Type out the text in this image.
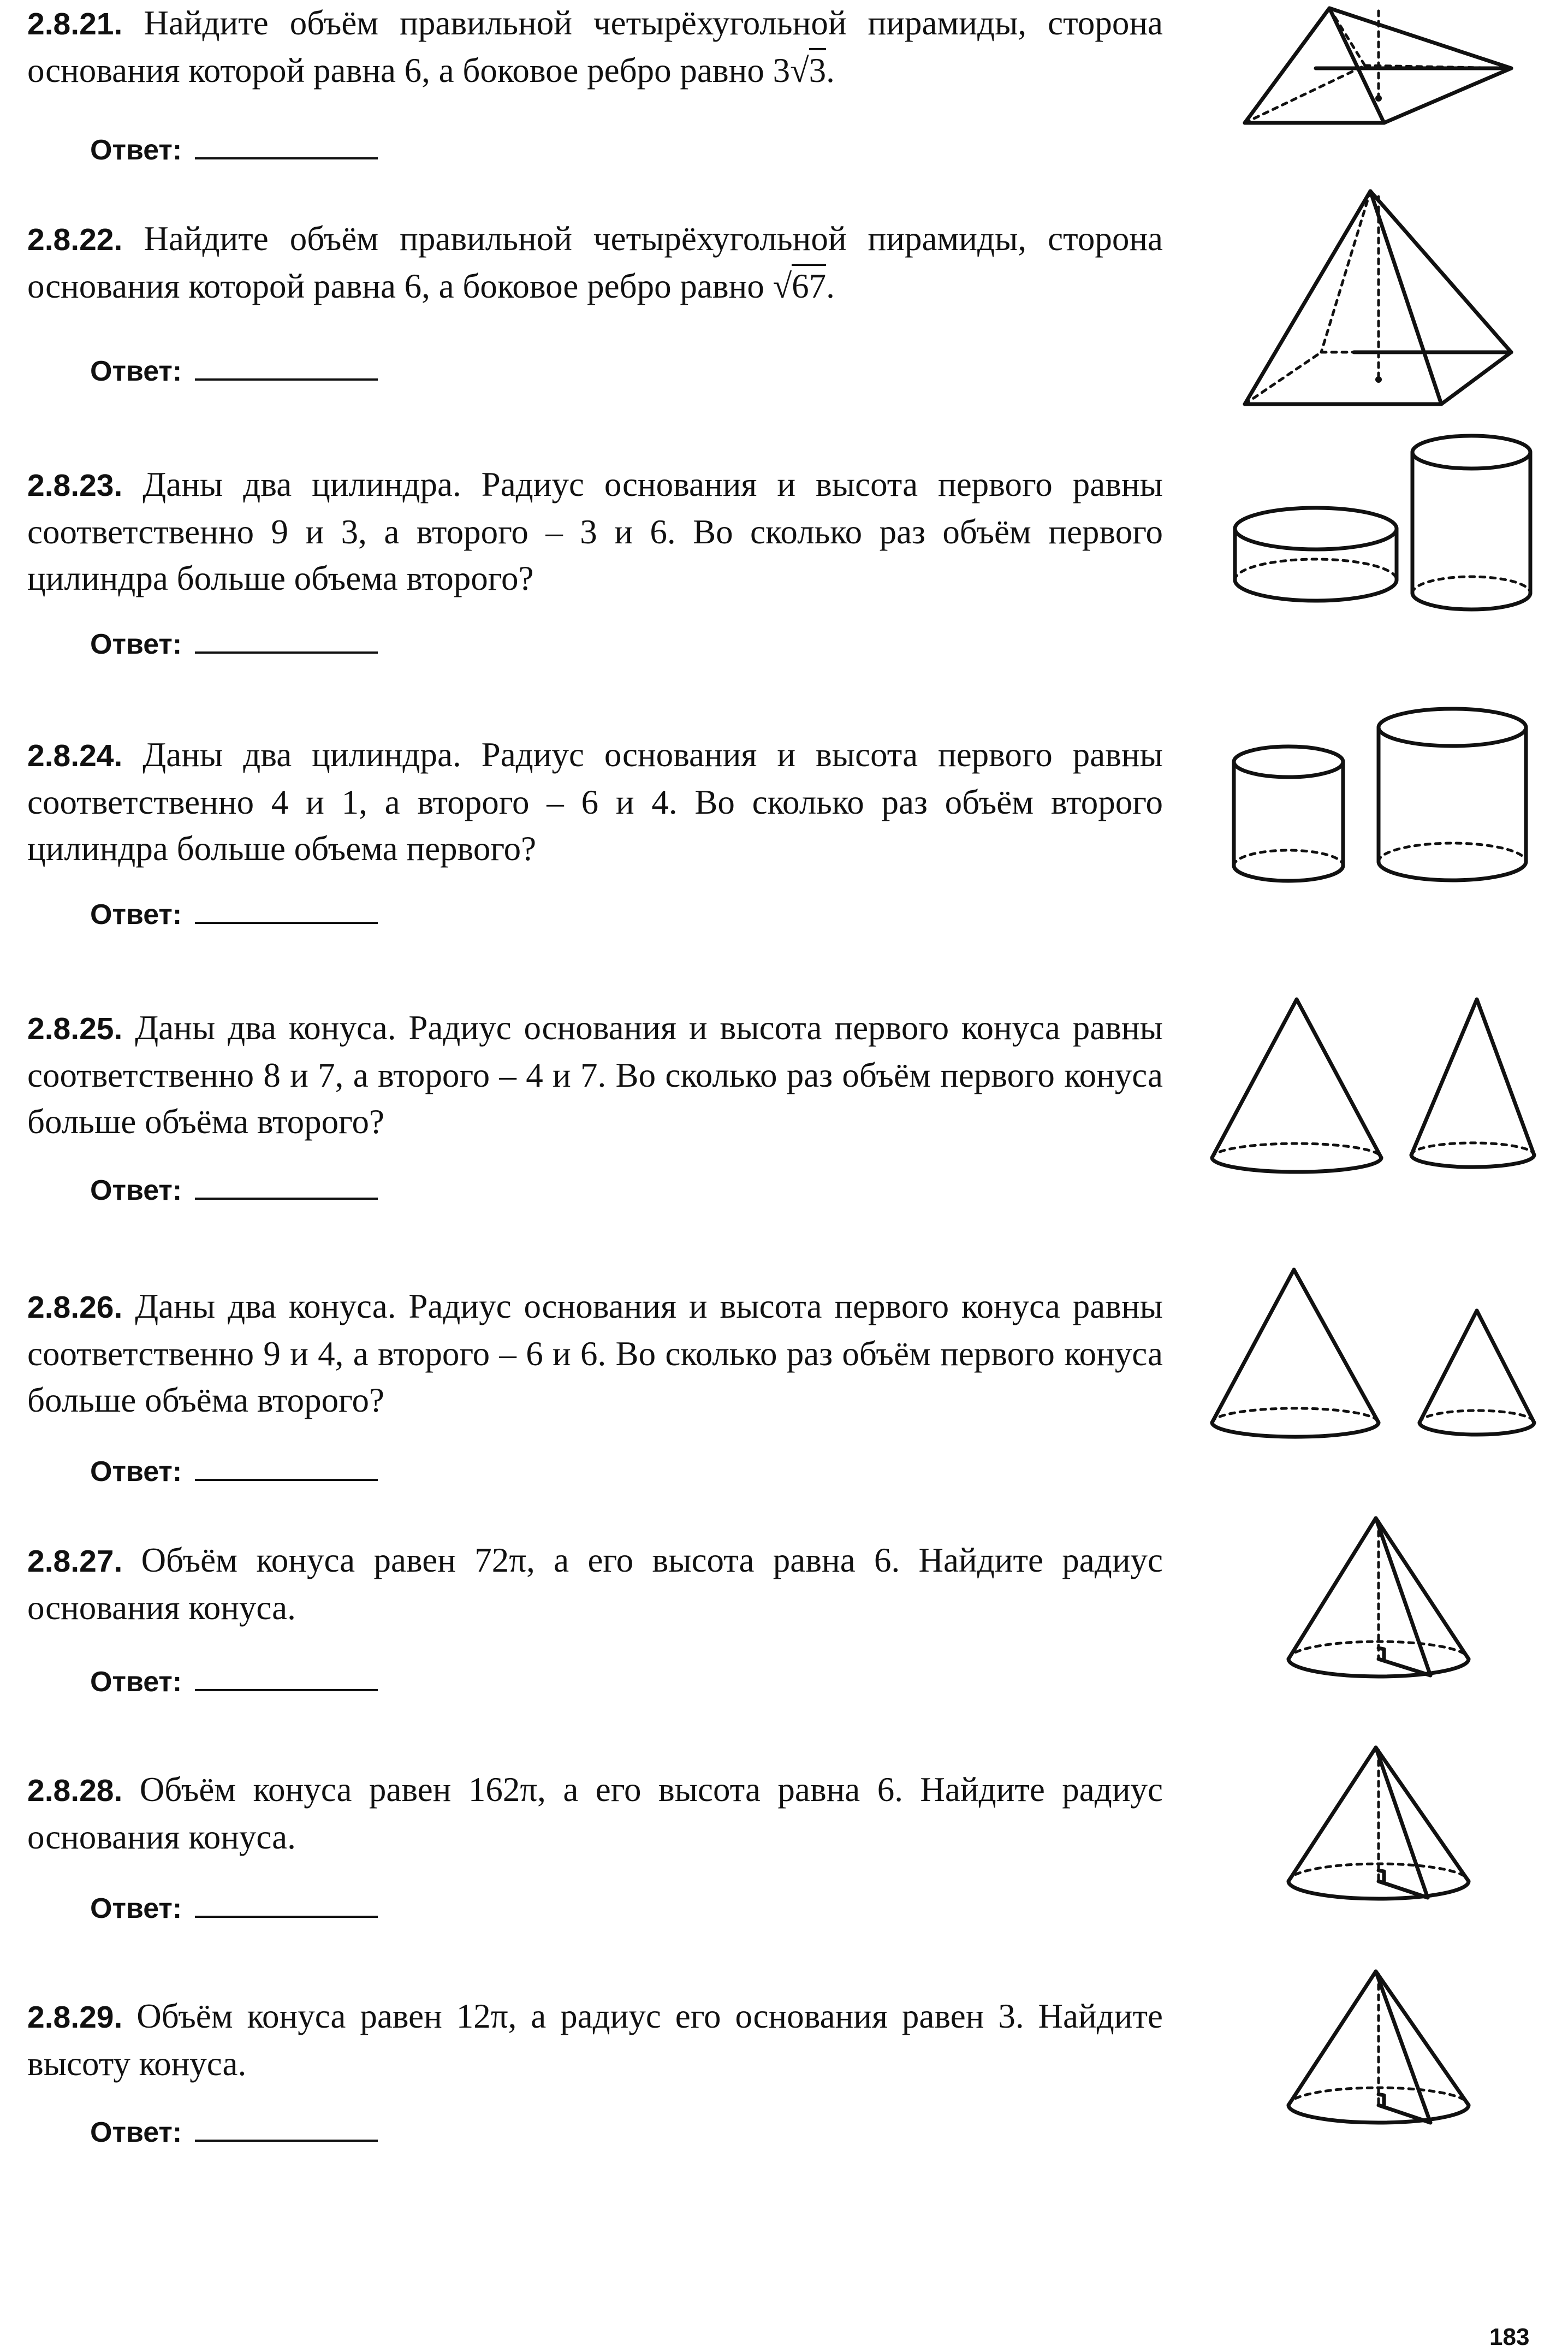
2.8.21. Найдите объём правильной четырёхугольной пирамиды, сторона основания которой равна 6, а боковое ребро равно 3√3.

Ответ:

2.8.22. Найдите объём правильной четырёхугольной пирамиды, сторона основания которой равна 6, а боковое ребро равно √67.

Ответ:

2.8.23. Даны два цилиндра. Радиус основания и высота первого равны соответственно 9 и 3, а второго – 3 и 6. Во сколько раз объём первого цилиндра больше объема второго?

Ответ:

2.8.24. Даны два цилиндра. Радиус основания и высота первого равны соответственно 4 и 1, а второго – 6 и 4. Во сколько раз объём второго цилиндра больше объема первого?

Ответ:

2.8.25. Даны два конуса. Радиус основания и высота первого конуса равны соответственно 8 и 7, а второго – 4 и 7. Во сколько раз объём первого конуса больше объёма второго?

Ответ:

2.8.26. Даны два конуса. Радиус основания и высота первого конуса равны соответственно 9 и 4, а второго – 6 и 6. Во сколько раз объём первого конуса больше объёма второго?

Ответ:

2.8.27. Объём конуса равен 72π, а его высота равна 6. Найдите радиус основания конуса.

Ответ:

2.8.28. Объём конуса равен 162π, а его высота равна 6. Найдите радиус основания конуса.

Ответ:

2.8.29. Объём конуса равен 12π, а радиус его основания равен 3. Найдите высоту конуса.

Ответ:
183
